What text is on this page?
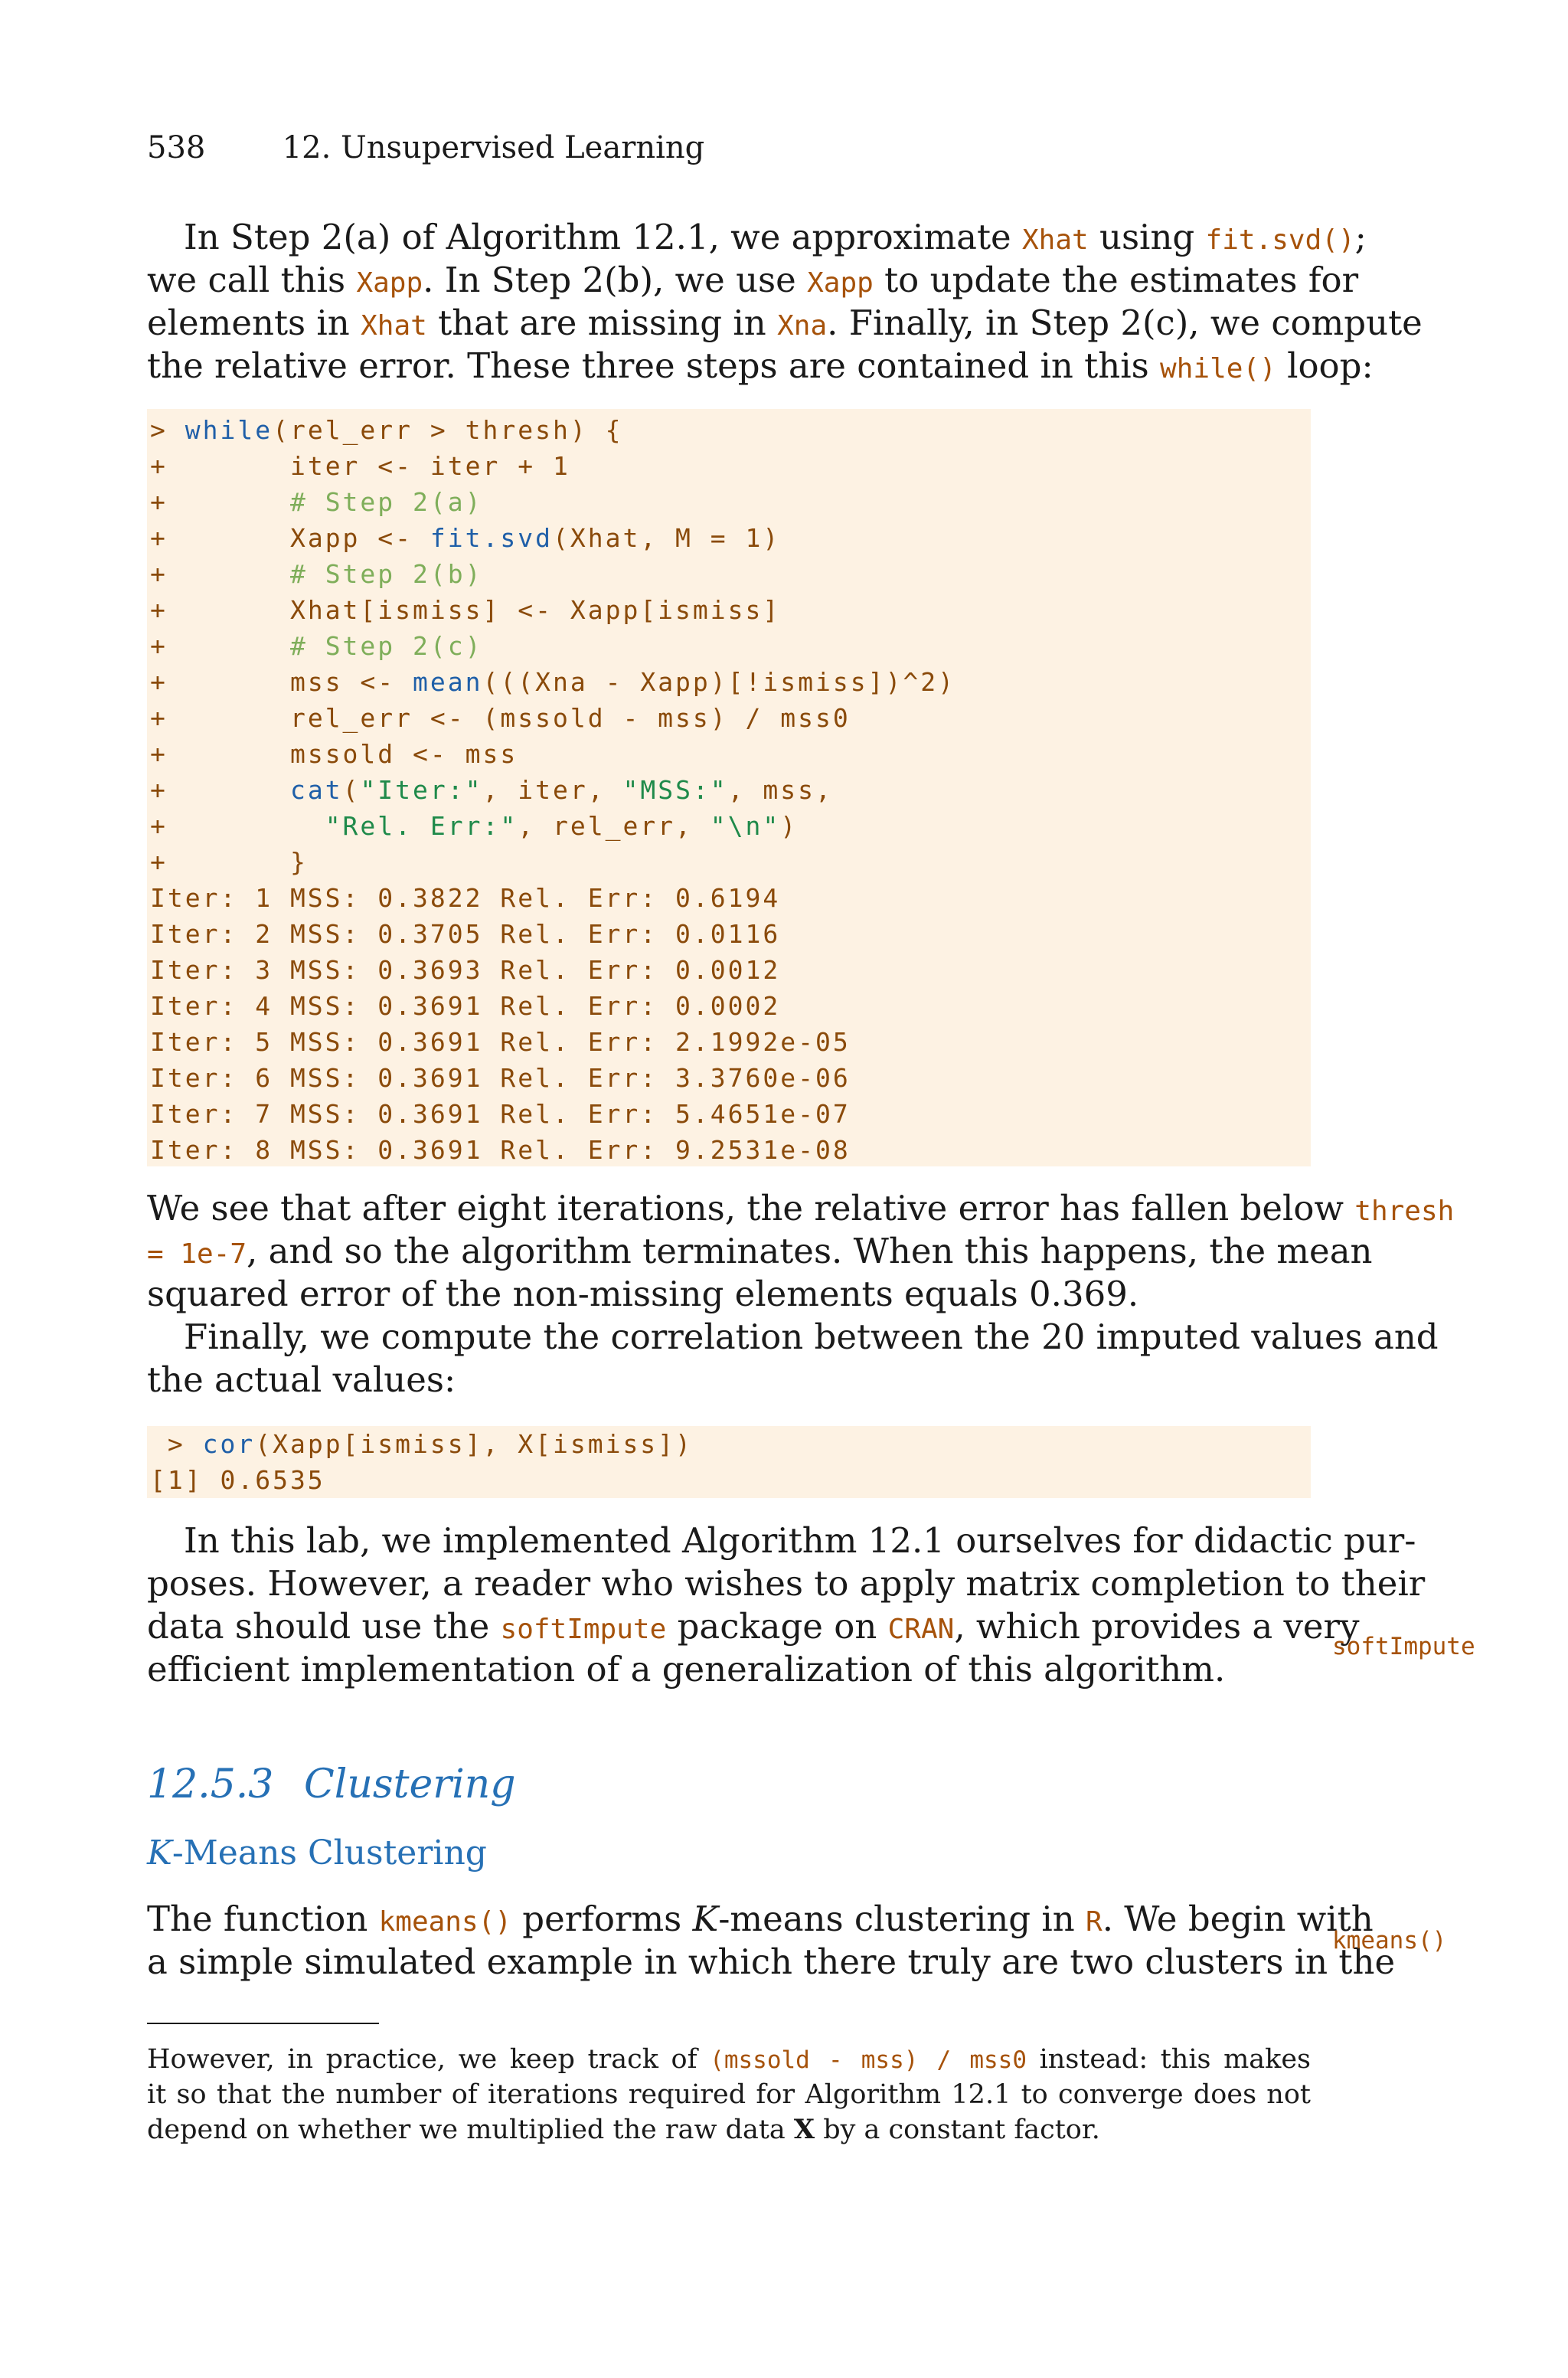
538	12. Unsupervised Learning
In Step 2(a) of Algorithm 12.1, we approximate Xhat using fit.svd();
we call this Xapp. In Step 2(b), we use Xapp to update the estimates for
elements in Xhat that are missing in Xna. Finally, in Step 2(c), we compute
the relative error. These three steps are contained in this while() loop:
> while(rel_err > thresh) {
+       iter <- iter + 1
+       # Step 2(a)
+       Xapp <- fit.svd(Xhat, M = 1)
+       # Step 2(b)
+       Xhat[ismiss] <- Xapp[ismiss]
+       # Step 2(c)
+       mss <- mean(((Xna - Xapp)[!ismiss])^2)
+       rel_err <- (mssold - mss) / mss0
+       mssold <- mss
+       cat("Iter:", iter, "MSS:", mss,
+         "Rel. Err:", rel_err, "\n")
+       }
Iter: 1 MSS: 0.3822 Rel. Err: 0.6194
Iter: 2 MSS: 0.3705 Rel. Err: 0.0116
Iter: 3 MSS: 0.3693 Rel. Err: 0.0012
Iter: 4 MSS: 0.3691 Rel. Err: 0.0002
Iter: 5 MSS: 0.3691 Rel. Err: 2.1992e-05
Iter: 6 MSS: 0.3691 Rel. Err: 3.3760e-06
Iter: 7 MSS: 0.3691 Rel. Err: 5.4651e-07
Iter: 8 MSS: 0.3691 Rel. Err: 9.2531e-08
We see that after eight iterations, the relative error has fallen below thresh
= 1e-7, and so the algorithm terminates. When this happens, the mean
squared error of the non-missing elements equals 0.369.
Finally, we compute the correlation between the 20 imputed values and
the actual values:
> cor(Xapp[ismiss], X[ismiss])
[1] 0.6535
In this lab, we implemented Algorithm 12.1 ourselves for didactic pur-
poses. However, a reader who wishes to apply matrix completion to their
data should use the softImpute package on CRAN, which provides a very
efficient implementation of a generalization of this algorithm.
softImpute
12.5.3 Clustering
K-Means Clustering
The function kmeans() performs K-means clustering in R. We begin with
a simple simulated example in which there truly are two clusters in the
kmeans()
However, in practice, we keep track of (mssold - mss) / mss0 instead: this makes
it so that the number of iterations required for Algorithm 12.1 to converge does not
depend on whether we multiplied the raw data X by a constant factor.
